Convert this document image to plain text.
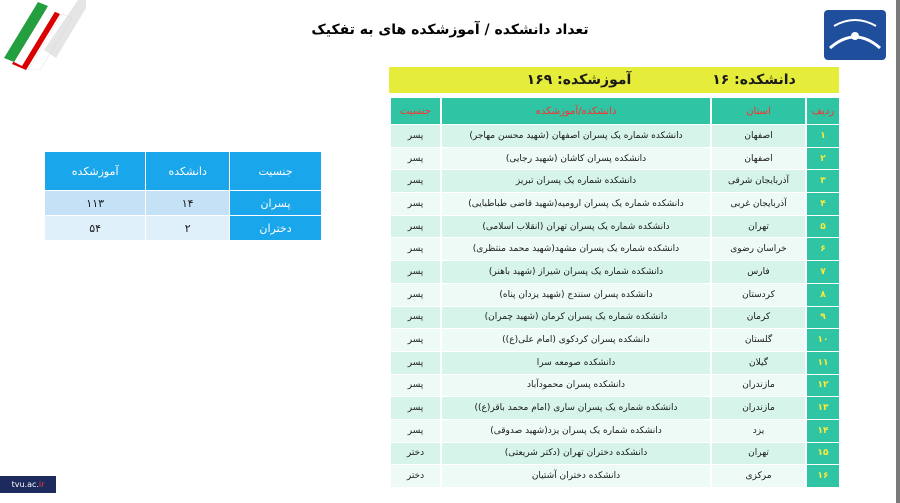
تعداد دانشکده / آموزشکده های به تفکیک
دانشکده: ۱۶
آموزشکده: ۱۶۹
ردیف	استان	دانشکده/آموزشکده	جنسیت
۱	اصفهان	دانشکده شماره یک پسران اصفهان (شهید محسن مهاجر)	پسر
۲	اصفهان	دانشکده پسران کاشان (شهید رجایی)	پسر
۳	آذربایجان شرقی	دانشکده شماره یک پسران تبریز	پسر
۴	آذربایجان غربی	دانشکده شماره یک پسران ارومیه(شهید قاضی طباطبایی)	پسر
۵	تهران	دانشکده شماره یک پسران تهران (انقلاب اسلامی)	پسر
۶	خراسان رضوی	دانشکده شماره یک پسران مشهد(شهید محمد منتظری)	پسر
۷	فارس	دانشکده شماره یک پسران شیراز (شهید باهنر)	پسر
۸	کردستان	دانشکده پسران سنندج (شهید یزدان پناه)	پسر
۹	کرمان	دانشکده شماره یک پسران کرمان (شهید چمران)	پسر
۱۰	گلستان	دانشکده پسران کردکوی (امام علی(ع))	پسر
۱۱	گیلان	دانشکده صومعه سرا	پسر
۱۲	مازندران	دانشکده پسران محمودآباد	پسر
۱۳	مازندران	دانشکده شماره یک پسران ساری (امام محمد باقر(ع))	پسر
۱۴	یزد	دانشکده شماره یک پسران یزد(شهید صدوقی)	پسر
۱۵	تهران	دانشکده دختران تهران (دکتر شریعتی)	دختر
۱۶	مرکزی	دانشکده دختران آشتیان	دختر
جنسیت	دانشکده	آموزشکده
پسران	۱۴	۱۱۳
دختران	۲	۵۴
tvu.ac.ir
